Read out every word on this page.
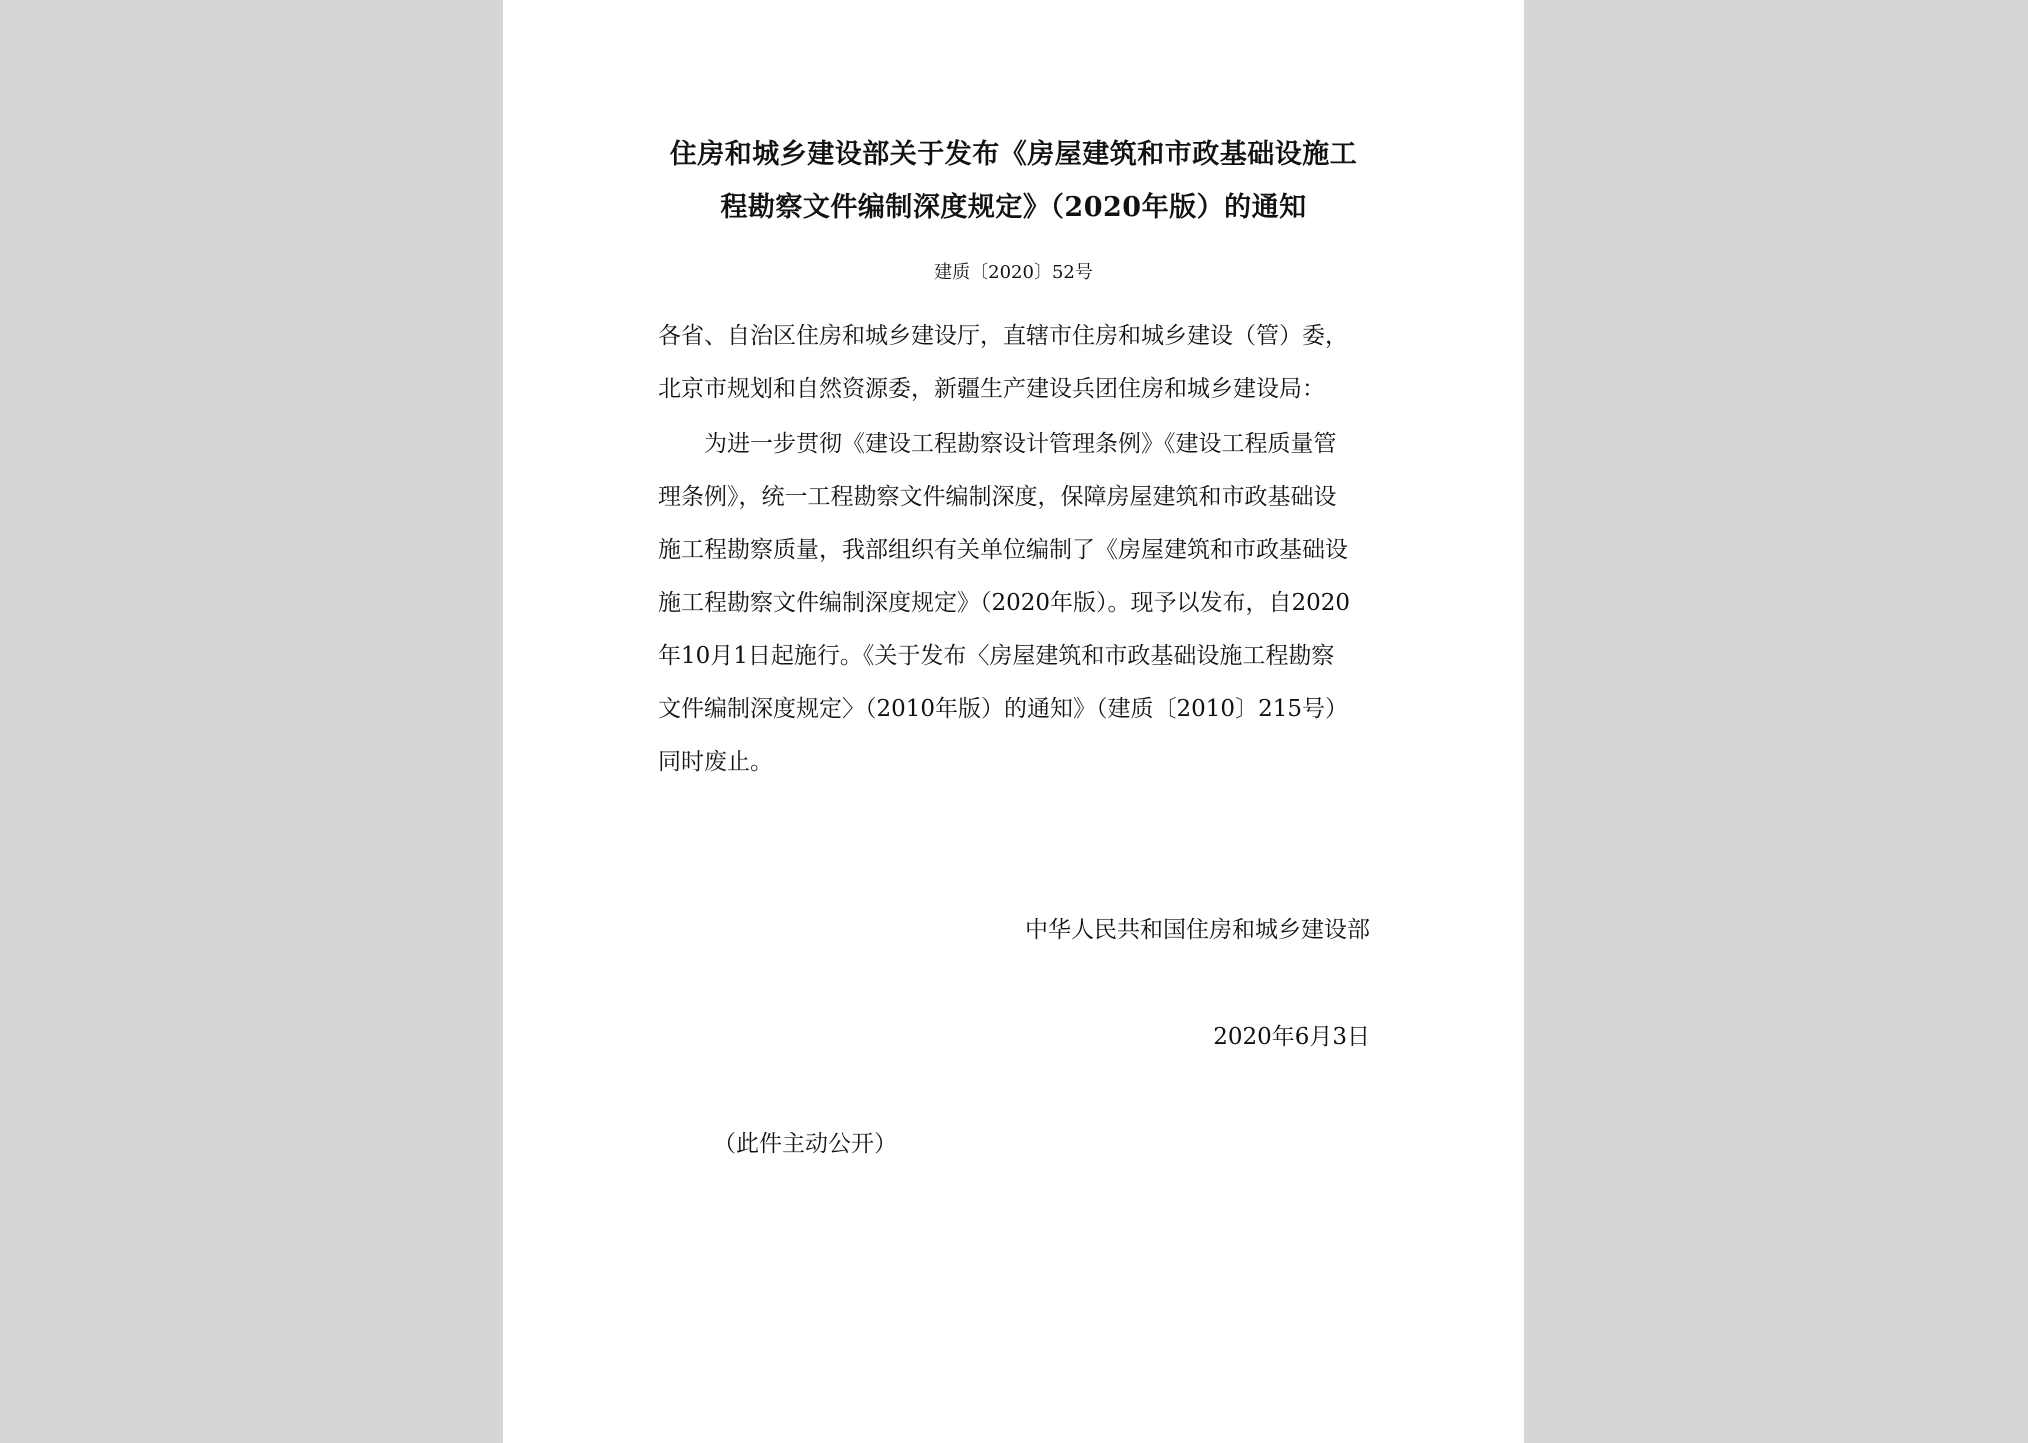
住房和城乡建设部关于发布《房屋建筑和市政基础设施工
程勘察文件编制深度规定》（2020年版）的通知
建质〔2020〕52号
各省、自治区住房和城乡建设厅，直辖市住房和城乡建设（管）委，
北京市规划和自然资源委，新疆生产建设兵团住房和城乡建设局：
为进一步贯彻《建设工程勘察设计管理条例》《建设工程质量管
理条例》，统一工程勘察文件编制深度，保障房屋建筑和市政基础设
施工程勘察质量，我部组织有关单位编制了《房屋建筑和市政基础设
施工程勘察文件编制深度规定》（2020年版）。现予以发布，自2020
年10月1日起施行。《关于发布〈房屋建筑和市政基础设施工程勘察
文件编制深度规定〉（2010年版）的通知》（建质〔2010〕215号）
同时废止。
中华人民共和国住房和城乡建设部
2020年6月3日
（此件主动公开）
